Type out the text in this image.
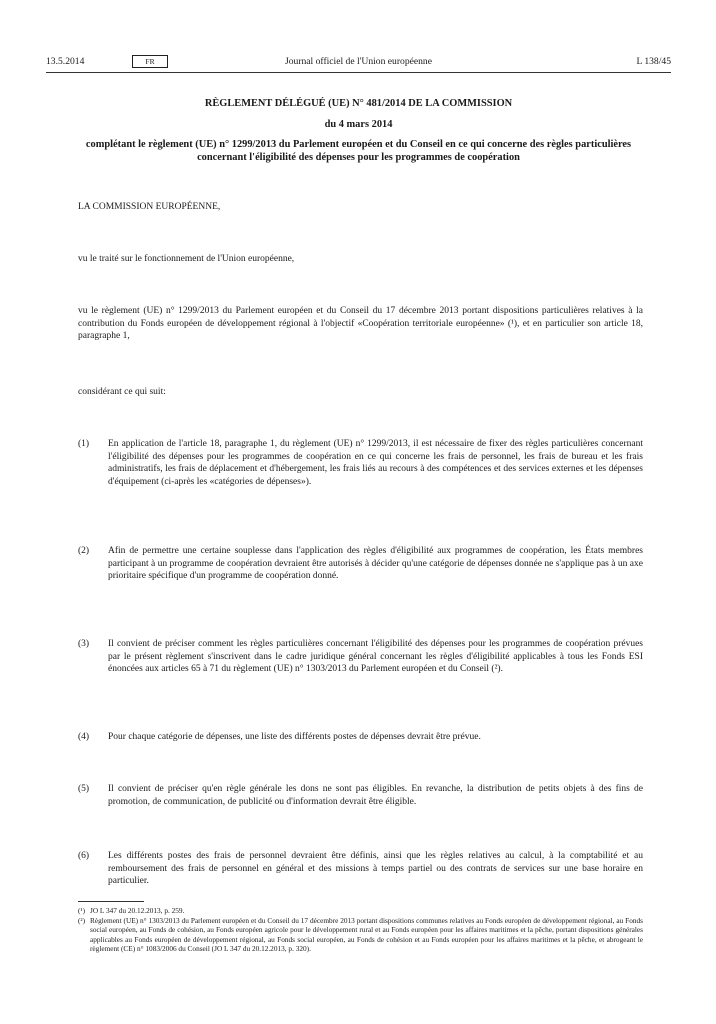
13.5.2014	FR	Journal officiel de l'Union européenne	L 138/45
RÈGLEMENT DÉLÉGUÉ (UE) N° 481/2014 DE LA COMMISSION
du 4 mars 2014
complétant le règlement (UE) n° 1299/2013 du Parlement européen et du Conseil en ce qui concerne des règles particulières concernant l'éligibilité des dépenses pour les programmes de coopération
LA COMMISSION EUROPÉENNE,
vu le traité sur le fonctionnement de l'Union européenne,
vu le règlement (UE) n° 1299/2013 du Parlement européen et du Conseil du 17 décembre 2013 portant dispositions particulières relatives à la contribution du Fonds européen de développement régional à l'objectif «Coopération territoriale européenne» (¹), et en particulier son article 18, paragraphe 1,
considérant ce qui suit:
(1) En application de l'article 18, paragraphe 1, du règlement (UE) n° 1299/2013, il est nécessaire de fixer des règles particulières concernant l'éligibilité des dépenses pour les programmes de coopération en ce qui concerne les frais de personnel, les frais de bureau et les frais administratifs, les frais de déplacement et d'hébergement, les frais liés au recours à des compétences et des services externes et les dépenses d'équipement (ci-après les «catégories de dépenses»).
(2) Afin de permettre une certaine souplesse dans l'application des règles d'éligibilité aux programmes de coopération, les États membres participant à un programme de coopération devraient être autorisés à décider qu'une catégorie de dépenses donnée ne s'applique pas à un axe prioritaire spécifique d'un programme de coopération donné.
(3) Il convient de préciser comment les règles particulières concernant l'éligibilité des dépenses pour les programmes de coopération prévues par le présent règlement s'inscrivent dans le cadre juridique général concernant les règles d'éligibilité applicables à tous les Fonds ESI énoncées aux articles 65 à 71 du règlement (UE) n° 1303/2013 du Parlement européen et du Conseil (²).
(4) Pour chaque catégorie de dépenses, une liste des différents postes de dépenses devrait être prévue.
(5) Il convient de préciser qu'en règle générale les dons ne sont pas éligibles. En revanche, la distribution de petits objets à des fins de promotion, de communication, de publicité ou d'information devrait être éligible.
(6) Les différents postes des frais de personnel devraient être définis, ainsi que les règles relatives au calcul, à la comptabilité et au remboursement des frais de personnel en général et des missions à temps partiel ou des contrats de services sur une base horaire en particulier.
(¹) JO L 347 du 20.12.2013, p. 259.
(²) Règlement (UE) n° 1303/2013 du Parlement européen et du Conseil du 17 décembre 2013 portant dispositions communes relatives au Fonds européen de développement régional, au Fonds social européen, au Fonds de cohésion, au Fonds européen agricole pour le développement rural et au Fonds européen pour les affaires maritimes et la pêche, portant dispositions générales applicables au Fonds européen de développement régional, au Fonds social européen, au Fonds de cohésion et au Fonds européen pour les affaires maritimes et la pêche, et abrogeant le règlement (CE) n° 1083/2006 du Conseil (JO L 347 du 20.12.2013, p. 320).
